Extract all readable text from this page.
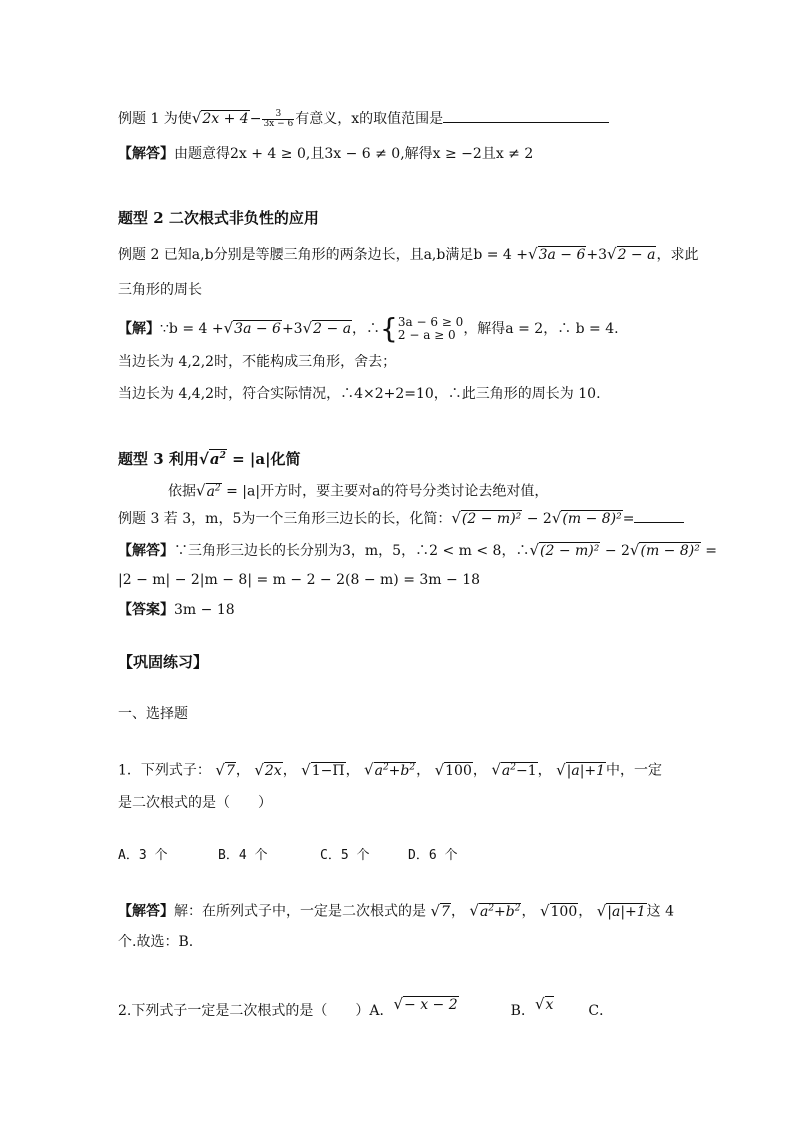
例题 1 为使$√2x + 4- \frac{3}{3x - 6}$ 有意义，x的取值范围是
【解答】由题意得2x + 4 ≥ 0,且3x − 6 ≠ 0,解得x ≥ −2且x ≠ 2
题型 2 二次根式非负性的应用
例题 2 已知a,b分别是等腰三角形的两条边长，且a,b满足b = 4 +√3a − 6+3√2 − a，求此
三角形的周长
【解】∵b = 4 +√3a − 6+3√2 − a，∴{ 3a − 6 ≥ 0
2 − a ≥ 0 ，解得a = 2，∴ b = 4.
当边长为 4,2,2时，不能构成三角形，舍去；
当边长为 4,4,2时，符合实际情况，∴4×2+2=10，∴此三角形的周长为 10.
题型 3 利用$√a^2 = |a|$化简
依据$√a^2 = |a|$开方时，要主要对a的符号分类讨论去绝对值，
例题 3 若 3，m，5为一个三角形三边长的长，化简：√(2 − m)² − 2√(m − 8)²=
【解答】∵三角形三边长的长分别为3，m，5，∴2 < m < 8，∴√(2 − m)² − 2√(m − 8)² =
|2 − m| − 2|m − 8| = m − 2 − 2(8 − m) = 3m − 18
【答案】3m − 18
【巩固练习】
一、选择题
1．下列式子： √7， √2x， √1−Π， $√a^2+b^2$， √100， $√a^2-1$， √|a|+1中，一定
是二次根式的是（　　）
A．3 个	B．4 个	C．5 个	D．6 个
【解答】解：在所列式子中，一定是二次根式的是 √7， $√a^2+b^2$， √100， √|a|+1这 4
个.故选：B.
2.下列式子一定是二次根式的是（　　）A．√− x − 2	B．√x	C．
